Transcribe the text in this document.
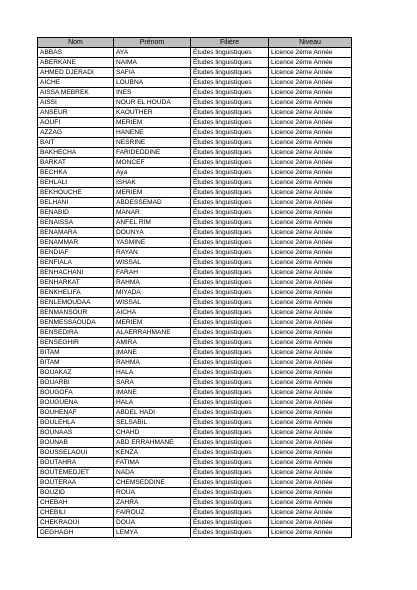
Nom	Prénom	Filière	Niveau
ABBAS	AYA	Études linguistiques	Licence 2ème Année
ABERKANE	NAIMA	Études linguistiques	Licence 2ème Année
AHMED DJERADI	SAFIA	Études linguistiques	Licence 2ème Année
AICHE	LOUBNA	Études linguistiques	Licence 2ème Année
AISSA MEBREK	INES	Études linguistiques	Licence 2ème Année
AISSI	NOUR EL HOUDA	Études linguistiques	Licence 2ème Année
ANSEUR	KAOUTHER	Études linguistiques	Licence 2ème Année
AOUFI	MERIEM	Études linguistiques	Licence 2ème Année
AZZAG	HANENE	Études linguistiques	Licence 2ème Année
BAIT	NESRINE	Études linguistiques	Licence 2ème Année
BAKHECHA	FARIDEDDINE	Études linguistiques	Licence 2ème Année
BARKAT	MONCEF	Études linguistiques	Licence 2ème Année
BECHKA	Aya	Études linguistiques	Licence 2ème Année
BEHLALI	ISHAK	Études linguistiques	Licence 2ème Année
BEKHOUCHE	MERIEM	Études linguistiques	Licence 2ème Année
BELHANI	ABDESSEMAD	Études linguistiques	Licence 2ème Année
BENABID	MANAR	Études linguistiques	Licence 2ème Année
BENAISSA	ANFEL RIM	Études linguistiques	Licence 2ème Année
BENAMARA	DOUNYA	Études linguistiques	Licence 2ème Année
BENAMMAR	YASMINE	Études linguistiques	Licence 2ème Année
BENDIAF	RAYAN	Études linguistiques	Licence 2ème Année
BENFIALA	WISSAL	Études linguistiques	Licence 2ème Année
BENHACHANI	FARAH	Études linguistiques	Licence 2ème Année
BENHARKAT	RAHMA	Études linguistiques	Licence 2ème Année
BENKHELIFA	MIYADA	Études linguistiques	Licence 2ème Année
BENLEMOUDAA	WISSAL	Études linguistiques	Licence 2ème Année
BENMANSOUR	AICHA	Études linguistiques	Licence 2ème Année
BENMESSAOUDA	MERIEM	Études linguistiques	Licence 2ème Année
BENSEDIRA	ALAERRAHMANE	Études linguistiques	Licence 2ème Année
BENSEGHIR	AMIRA	Études linguistiques	Licence 2ème Année
BITAM	IMANE	Études linguistiques	Licence 2ème Année
BITAM	RAHMA	Études linguistiques	Licence 2ème Année
BOUAKAZ	HALA	Études linguistiques	Licence 2ème Année
BOUARBI	SARA	Études linguistiques	Licence 2ème Année
BOUGOFA	IMANE	Études linguistiques	Licence 2ème Année
BOUGUENA	HALA	Études linguistiques	Licence 2ème Année
BOUHENAF	ABDEL HADI	Études linguistiques	Licence 2ème Année
BOULEHLA	SELSABIL	Études linguistiques	Licence 2ème Année
BOUNAAS	CHAHD	Études linguistiques	Licence 2ème Année
BOUNAB	ABD ERRAHMANE	Études linguistiques	Licence 2ème Année
BOUSSELAOUI	KENZA	Études linguistiques	Licence 2ème Année
BOUTAHRA	FATIMA	Études linguistiques	Licence 2ème Année
BOUTEMEDJET	NADA	Études linguistiques	Licence 2ème Année
BOUTERAA	CHEMSEDDINE	Études linguistiques	Licence 2ème Année
BOUZID	ROUA	Études linguistiques	Licence 2ème Année
CHEBAH	ZAHRA	Études linguistiques	Licence 2ème Année
CHEBILI	FAIROUZ	Études linguistiques	Licence 2ème Année
CHEKRAOUI	DOUA	Études linguistiques	Licence 2ème Année
DEGHAGH	LEMYA	Études linguistiques	Licence 2ème Année
